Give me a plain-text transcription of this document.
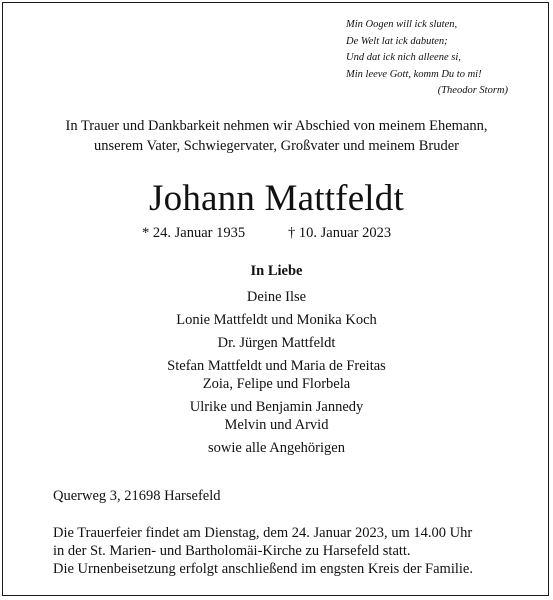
Min Oogen will ick sluten,
De Welt lat ick dabuten;
Und dat ick nich alleene si,
Min leeve Gott, komm Du to mi!
(Theodor Storm)
In Trauer und Dankbarkeit nehmen wir Abschied von meinem Ehemann,
unserem Vater, Schwiegervater, Großvater und meinem Bruder
Johann Mattfeldt
* 24. Januar 1935	† 10. Januar 2023
In Liebe
Deine Ilse
Lonie Mattfeldt und Monika Koch
Dr. Jürgen Mattfeldt
Stefan Mattfeldt und Maria de Freitas
Zoia, Felipe und Florbela
Ulrike und Benjamin Jannedy
Melvin und Arvid
sowie alle Angehörigen
Querweg 3, 21698 Harsefeld
Die Trauerfeier findet am Dienstag, dem 24. Januar 2023, um 14.00 Uhr
in der St. Marien- und Bartholomäi-Kirche zu Harsefeld statt.
Die Urnenbeisetzung erfolgt anschließend im engsten Kreis der Familie.
